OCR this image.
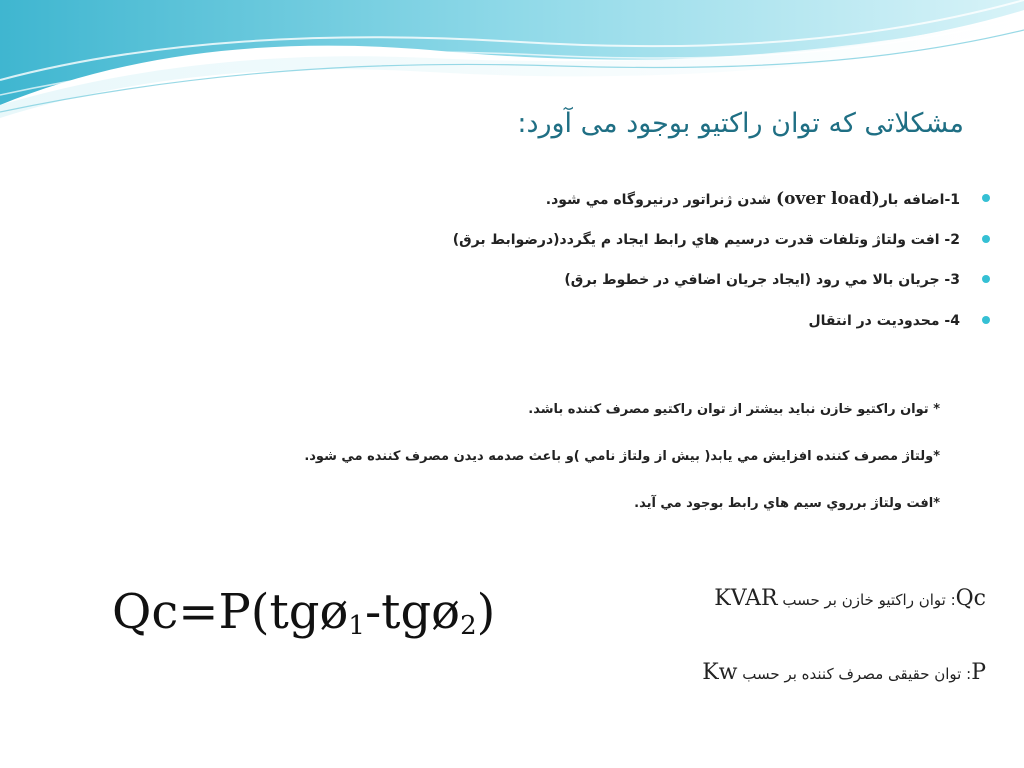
مشکلاتی که توان راکتیو بوجود می آورد:
1-اضافه بار(over load) شدن ژنراتور درنيروگاه مي شود.
2- افت ولتاژ وتلفات قدرت درسيم هاي رابط ايجاد م يگردد(درضوابط برق)
3- جريان بالا مي رود (ايجاد جريان اضافي در خطوط برق)
4- محدوديت در انتقال
* توان راکتيو خازن نبايد بيشتر از توان راکتيو مصرف کننده باشد.
*ولتاژ مصرف کننده افزايش مي يابد( بيش از ولتاژ نامي )و باعث صدمه ديدن مصرف کننده مي شود.
*افت ولتاژ برروي سيم هاي رابط بوجود مي آيد.
Qc=P(tgø$_1$-tgø$_2$)	Qc: توان راکتيو خازن بر حسب KVAR
P: توان حقيقی مصرف کننده بر حسب Kw
